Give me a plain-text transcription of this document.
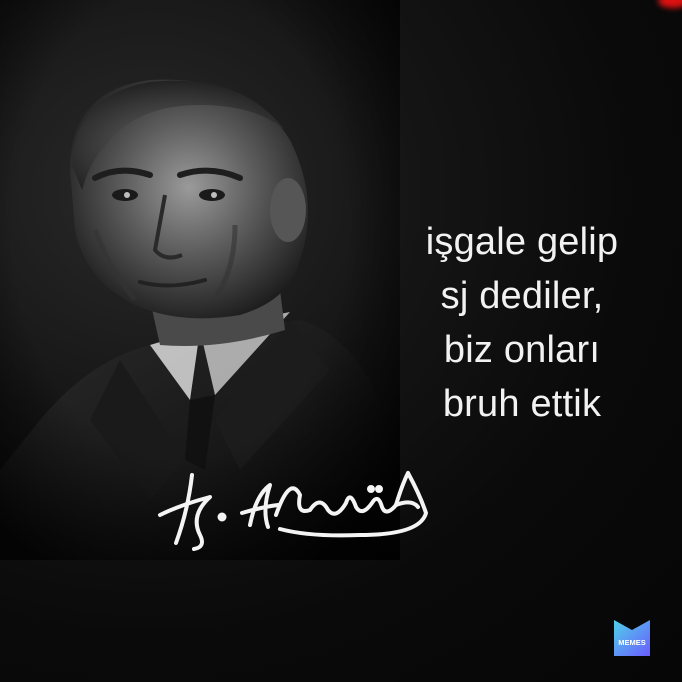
işgale gelip
sj dediler,
biz onları
bruh ettik
MEMES
